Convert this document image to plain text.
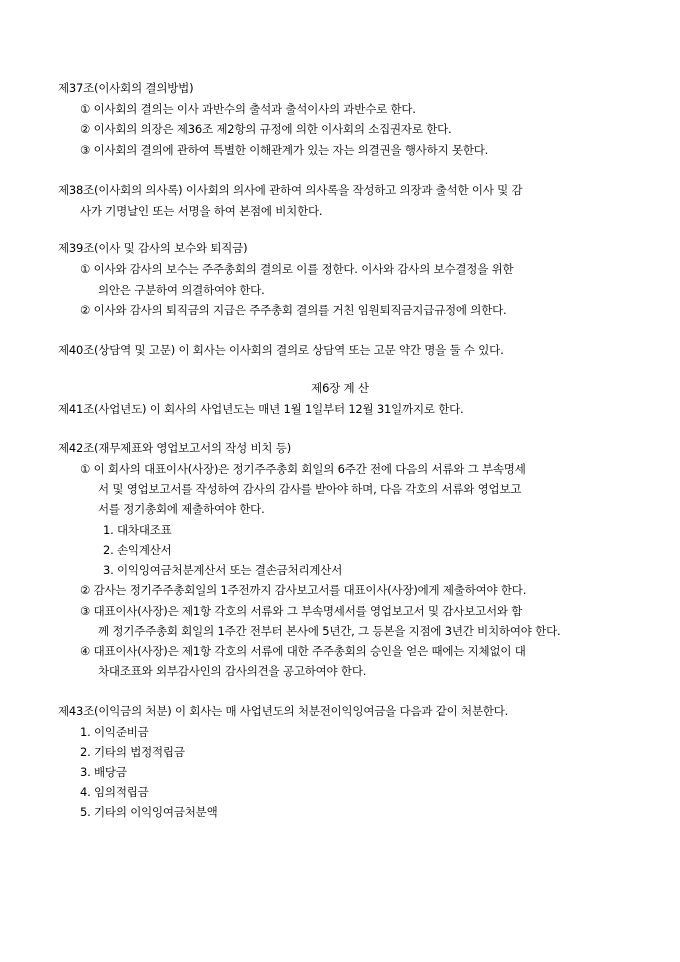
제37조(이사회의 결의방법)
① 이사회의 결의는 이사 과반수의 출석과 출석이사의 과반수로 한다.
② 이사회의 의장은 제36조 제2항의 규정에 의한 이사회의 소집권자로 한다.
③ 이사회의 결의에 관하여 특별한 이해관계가 있는 자는 의결권을 행사하지 못한다.
제38조(이사회의 의사록) 이사회의 의사에 관하여 의사록을 작성하고 의장과 출석한 이사 및 감
사가 기명날인 또는 서명을 하여 본점에 비치한다.
제39조(이사 및 감사의 보수와 퇴직금)
① 이사와 감사의 보수는 주주총회의 결의로 이를 정한다. 이사와 감사의 보수결정을 위한
의안은 구분하여 의결하여야 한다.
② 이사와 감사의 퇴직금의 지급은 주주총회 결의를 거친 임원퇴직금지급규정에 의한다.
제40조(상담역 및 고문) 이 회사는 이사회의 결의로 상담역 또는 고문 약간 명을 둘 수 있다.
제6장 계 산
제41조(사업년도) 이 회사의 사업년도는 매년 1월 1일부터 12월 31일까지로 한다.
제42조(재무제표와 영업보고서의 작성 비치 등)
① 이 회사의 대표이사(사장)은 정기주주총회 회일의 6주간 전에 다음의 서류와 그 부속명세
서 및 영업보고서를 작성하여 감사의 감사를 받아야 하며, 다음 각호의 서류와 영업보고
서를 정기총회에 제출하여야 한다.
1. 대차대조표
2. 손익계산서
3. 이익잉여금처분계산서 또는 결손금처리계산서
② 감사는 정기주주총회일의 1주전까지 감사보고서를 대표이사(사장)에게 제출하여야 한다.
③ 대표이사(사장)은 제1항 각호의 서류와 그 부속명세서를 영업보고서 및 감사보고서와 함
께 정기주주총회 회일의 1주간 전부터 본사에 5년간, 그 등본을 지점에 3년간 비치하여야 한다.
④ 대표이사(사장)은 제1항 각호의 서류에 대한 주주총회의 승인을 얻은 때에는 지체없이 대
차대조표와 외부감사인의 감사의견을 공고하여야 한다.
제43조(이익금의 처분) 이 회사는 매 사업년도의 처분전이익잉여금을 다음과 같이 처분한다.
1. 이익준비금
2. 기타의 법정적립금
3. 배당금
4. 임의적립금
5. 기타의 이익잉여금처분액
